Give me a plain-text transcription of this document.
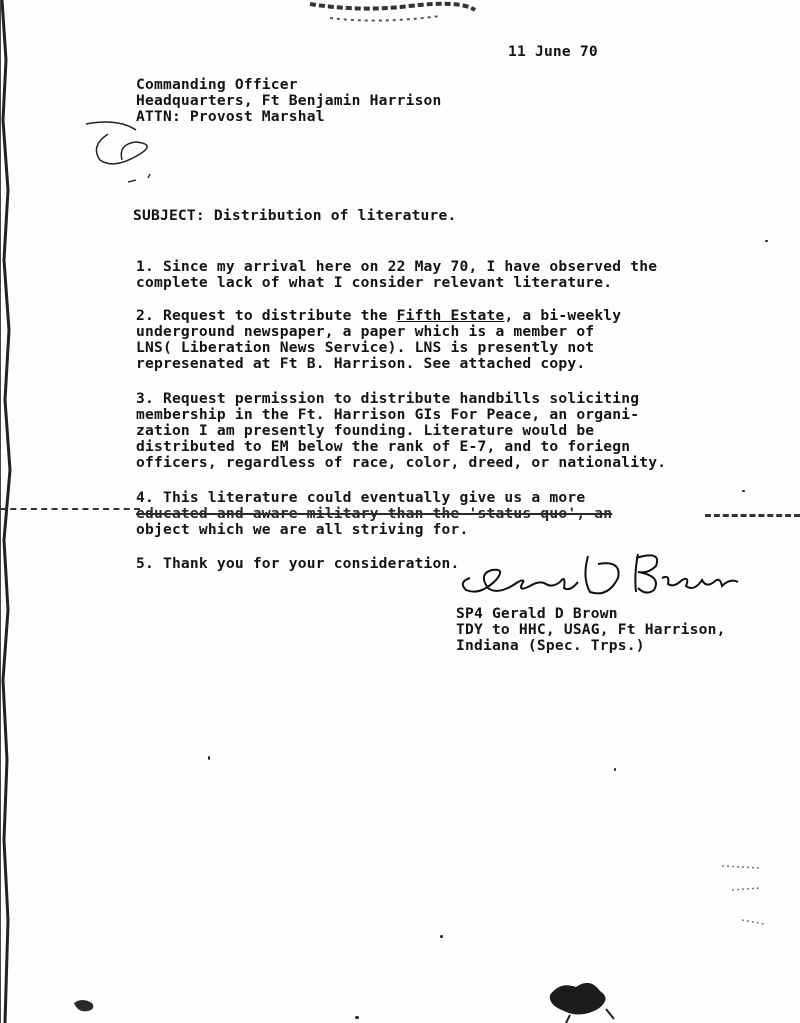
11 June 70
Commanding Officer
Headquarters, Ft Benjamin Harrison
ATTN: Provost Marshal
SUBJECT: Distribution of literature.
1. Since my arrival here on 22 May 70, I have observed the
complete lack of what I consider relevant literature.
2. Request to distribute the Fifth Estate, a bi-weekly
underground newspaper, a paper which is a member of
LNS( Liberation News Service). LNS is presently not
represenated at Ft B. Harrison. See attached copy.
3. Request permission to distribute handbills soliciting
membership in the Ft. Harrison GIs For Peace, an organi-
zation I am presently founding. Literature would be
distributed to EM below the rank of E-7, and to foriegn
officers, regardless of race, color, dreed, or nationality.
4. This literature could eventually give us a more
educated and aware military than the 'status quo', an
object which we are all striving for.
5. Thank you for your consideration.
SP4 Gerald D Brown
TDY to HHC, USAG, Ft Harrison,
Indiana (Spec. Trps.)
